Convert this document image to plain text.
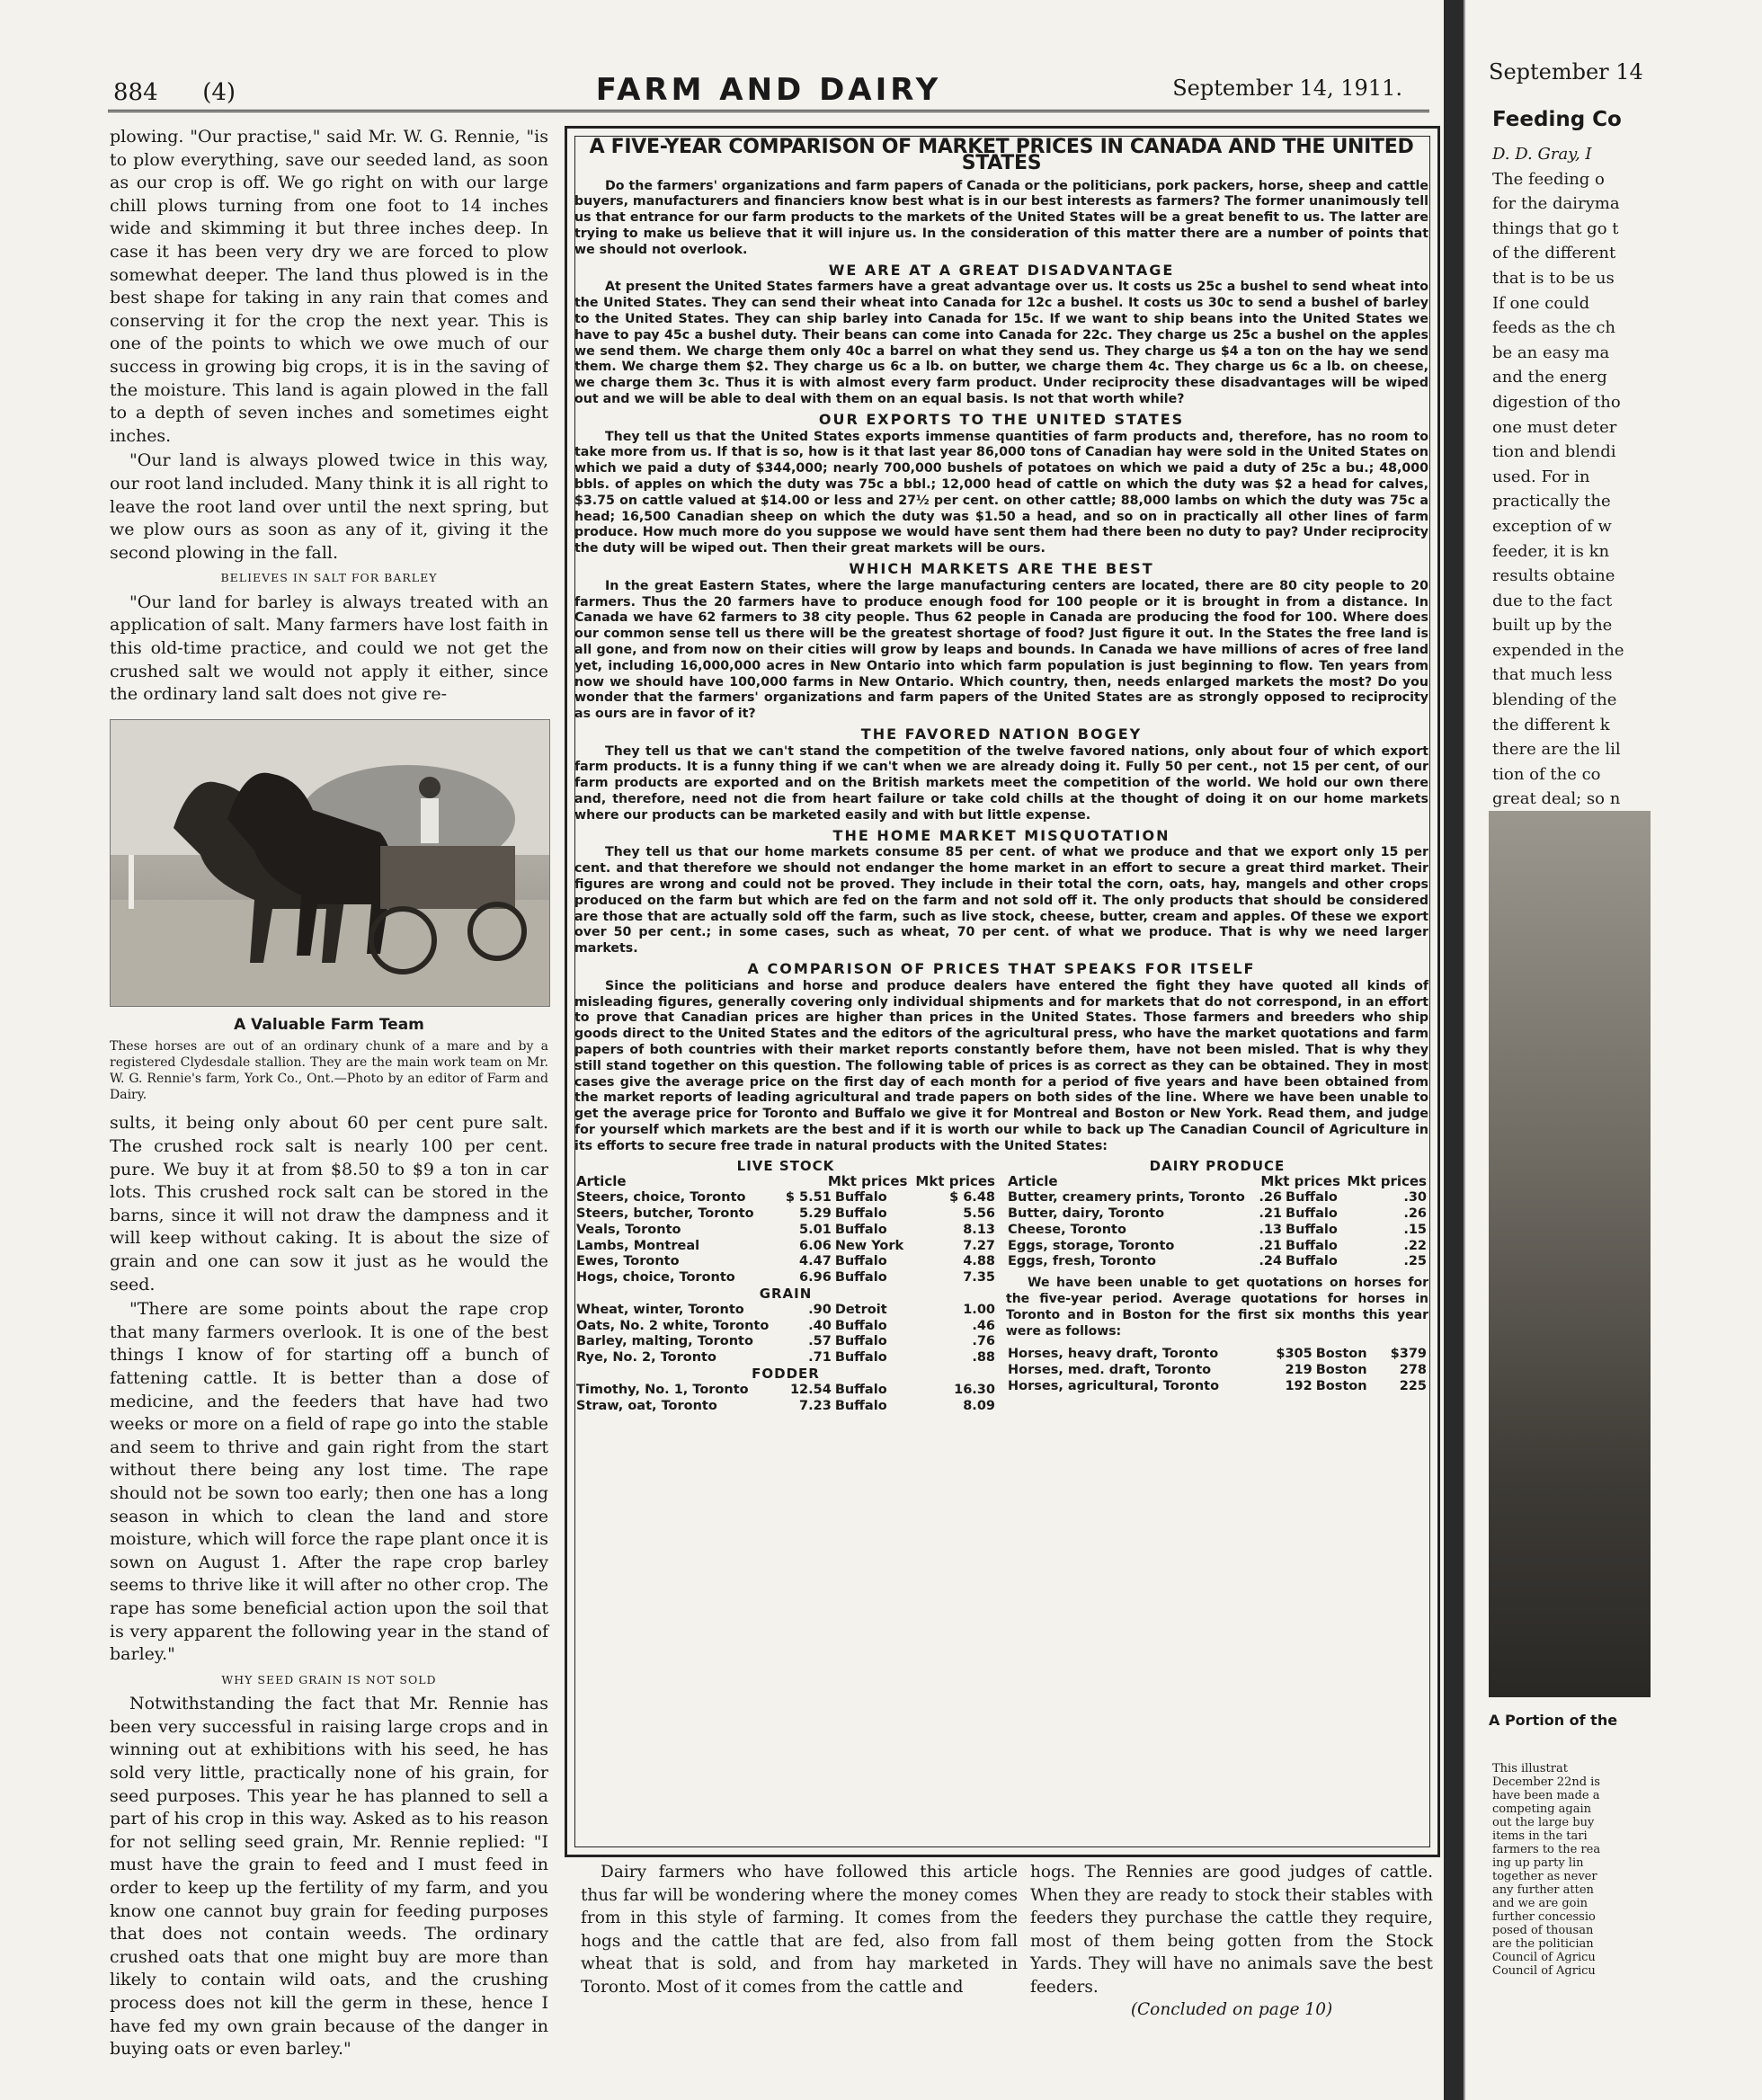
884 (4)	FARM AND DAIRY	September 14, 1911.

plowing. "Our practise," said Mr. W. G. Rennie, "is to plow everything, save our seeded land, as soon as our crop is off. We go right on with our large chill plows turning from one foot to 14 inches wide and skimming it but three inches deep. In case it has been very dry we are forced to plow somewhat deeper. The land thus plowed is in the best shape for taking in any rain that comes and conserving it for the crop the next year. This is one of the points to which we owe much of our success in growing big crops, it is in the saving of the moisture. This land is again plowed in the fall to a depth of seven inches and sometimes eight inches.

"Our land is always plowed twice in this way, our root land included. Many think it is all right to leave the root land over until the next spring, but we plow ours as soon as any of it, giving it the second plowing in the fall.

BELIEVES IN SALT FOR BARLEY

"Our land for barley is always treated with an application of salt. Many farmers have lost faith in this old-time practice, and could we not get the crushed salt we would not apply it either, since the ordinary land salt does not give re-

A Valuable Farm Team
These horses are out of an ordinary chunk of a mare and by a registered Clydesdale stallion. They are the main work team on Mr. W. G. Rennie's farm, York Co., Ont.—Photo by an editor of Farm and Dairy.

sults, it being only about 60 per cent pure salt. The crushed rock salt is nearly 100 per cent. pure. We buy it at from $8.50 to $9 a ton in car lots. This crushed rock salt can be stored in the barns, since it will not draw the dampness and it will keep without caking. It is about the size of grain and one can sow it just as he would the seed.

"There are some points about the rape crop that many farmers overlook. It is one of the best things I know of for starting off a bunch of fattening cattle. It is better than a dose of medicine, and the feeders that have had two weeks or more on a field of rape go into the stable and seem to thrive and gain right from the start without there being any lost time. The rape should not be sown too early; then one has a long season in which to clean the land and store moisture, which will force the rape plant once it is sown on August 1. After the rape crop barley seems to thrive like it will after no other crop. The rape has some beneficial action upon the soil that is very apparent the following year in the stand of barley."

WHY SEED GRAIN IS NOT SOLD

Notwithstanding the fact that Mr. Rennie has been very successful in raising large crops and in winning out at exhibitions with his seed, he has sold very little, practically none of his grain, for seed purposes. This year he has planned to sell a part of his crop in this way. Asked as to his reason for not selling seed grain, Mr. Rennie replied: "I must have the grain to feed and I must feed in order to keep up the fertility of my farm, and you know one cannot buy grain for feeding purposes that does not contain weeds. The ordinary crushed oats that one might buy are more than likely to contain wild oats, and the crushing process does not kill the germ in these, hence I have fed my own grain because of the danger in buying oats or even barley."

A FIVE-YEAR COMPARISON OF MARKET PRICES IN CANADA AND THE UNITED STATES

Do the farmers' organizations and farm papers of Canada or the politicians, pork packers, horse, sheep and cattle buyers, manufacturers and financiers know best what is in our best interests as farmers? The former unanimously tell us that entrance for our farm products to the markets of the United States will be a great benefit to us. The latter are trying to make us believe that it will injure us. In the consideration of this matter there are a number of points that we should not overlook.

WE ARE AT A GREAT DISADVANTAGE

At present the United States farmers have a great advantage over us. It costs us 25c a bushel to send wheat into the United States. They can send their wheat into Canada for 12c a bushel. It costs us 30c to send a bushel of barley to the United States. They can ship barley into Canada for 15c. If we want to ship beans into the United States we have to pay 45c a bushel duty. Their beans can come into Canada for 22c. They charge us 25c a bushel on the apples we send them. We charge them only 40c a barrel on what they send us. They charge us $4 a ton on the hay we send them. We charge them $2. They charge us 6c a lb. on butter, we charge them 4c. They charge us 6c a lb. on cheese, we charge them 3c. Thus it is with almost every farm product. Under reciprocity these disadvantages will be wiped out and we will be able to deal with them on an equal basis. Is not that worth while?

OUR EXPORTS TO THE UNITED STATES

They tell us that the United States exports immense quantities of farm products and, therefore, has no room to take more from us. If that is so, how is it that last year 86,000 tons of Canadian hay were sold in the United States on which we paid a duty of $344,000; nearly 700,000 bushels of potatoes on which we paid a duty of 25c a bu.; 48,000 bbls. of apples on which the duty was 75c a bbl.; 12,000 head of cattle on which the duty was $2 a head for calves, $3.75 on cattle valued at $14.00 or less and 27½ per cent. on other cattle; 88,000 lambs on which the duty was 75c a head; 16,500 Canadian sheep on which the duty was $1.50 a head, and so on in practically all other lines of farm produce. How much more do you suppose we would have sent them had there been no duty to pay? Under reciprocity the duty will be wiped out. Then their great markets will be ours.

WHICH MARKETS ARE THE BEST

In the great Eastern States, where the large manufacturing centers are located, there are 80 city people to 20 farmers. Thus the 20 farmers have to produce enough food for 100 people or it is brought in from a distance. In Canada we have 62 farmers to 38 city people. Thus 62 people in Canada are producing the food for 100. Where does our common sense tell us there will be the greatest shortage of food? Just figure it out. In the States the free land is all gone, and from now on their cities will grow by leaps and bounds. In Canada we have millions of acres of free land yet, including 16,000,000 acres in New Ontario into which farm population is just beginning to flow. Ten years from now we should have 100,000 farms in New Ontario. Which country, then, needs enlarged markets the most? Do you wonder that the farmers' organizations and farm papers of the United States are as strongly opposed to reciprocity as ours are in favor of it?

THE FAVORED NATION BOGEY

They tell us that we can't stand the competition of the twelve favored nations, only about four of which export farm products. It is a funny thing if we can't when we are already doing it. Fully 50 per cent., not 15 per cent, of our farm products are exported and on the British markets meet the competition of the world. We hold our own there and, therefore, need not die from heart failure or take cold chills at the thought of doing it on our home markets where our products can be marketed easily and with but little expense.

THE HOME MARKET MISQUOTATION

They tell us that our home markets consume 85 per cent. of what we produce and that we export only 15 per cent. and that therefore we should not endanger the home market in an effort to secure a great third market. Their figures are wrong and could not be proved. They include in their total the corn, oats, hay, mangels and other crops produced on the farm but which are fed on the farm and not sold off it. The only products that should be considered are those that are actually sold off the farm, such as live stock, cheese, butter, cream and apples. Of these we export over 50 per cent.; in some cases, such as wheat, 70 per cent. of what we produce. That is why we need larger markets.

A COMPARISON OF PRICES THAT SPEAKS FOR ITSELF

Since the politicians and horse and produce dealers have entered the fight they have quoted all kinds of misleading figures, generally covering only individual shipments and for markets that do not correspond, in an effort to prove that Canadian prices are higher than prices in the United States. Those farmers and breeders who ship goods direct to the United States and the editors of the agricultural press, who have the market quotations and farm papers of both countries with their market reports constantly before them, have not been misled. That is why they still stand together on this question. The following table of prices is as correct as they can be obtained. They in most cases give the average price on the first day of each month for a period of five years and have been obtained from the market reports of leading agricultural and trade papers on both sides of the line. Where we have been unable to get the average price for Toronto and Buffalo we give it for Montreal and Boston or New York. Read them, and judge for yourself which markets are the best and if it is worth our while to back up The Canadian Council of Agriculture in its efforts to secure free trade in natural products with the United States:

LIVE STOCK			
Article	Mkt prices		Mkt prices
Steers, choice, Toronto	$ 5.51	Buffalo	$ 6.48
Steers, butcher, Toronto	5.29	Buffalo	5.56
Veals, Toronto	5.01	Buffalo	8.13
Lambs, Montreal	6.06	New York	7.27
Ewes, Toronto	4.47	Buffalo	4.88
Hogs, choice, Toronto	6.96	Buffalo	7.35
GRAIN			
Wheat, winter, Toronto	.90	Detroit	1.00
Oats, No. 2 white, Toronto	.40	Buffalo	.46
Barley, malting, Toronto	.57	Buffalo	.76
Rye, No. 2, Toronto	.71	Buffalo	.88
FODDER			
Timothy, No. 1, Toronto	12.54	Buffalo	16.30
Straw, oat, Toronto	7.23	Buffalo	8.09
DAIRY PRODUCE			
Article	Mkt prices		Mkt prices
Butter, creamery prints, Toronto	.26	Buffalo	.30
Butter, dairy, Toronto	.21	Buffalo	.26
Cheese, Toronto	.13	Buffalo	.15
Eggs, storage, Toronto	.21	Buffalo	.22
Eggs, fresh, Toronto	.24	Buffalo	.25
We have been unable to get quotations on horses for the five-year period. Average quotations for horses in Toronto and in Boston for the first six months this year were as follows:
Horses, heavy draft, Toronto	$305	Boston	$379
Horses, med. draft, Toronto	219	Boston	278
Horses, agricultural, Toronto	192	Boston	225
Dairy farmers who have followed this article thus far will be wondering where the money comes from in this style of farming. It comes from the hogs and the cattle that are fed, also from fall wheat that is sold, and from hay marketed in Toronto. Most of it comes from the cattle and
hogs. The Rennies are good judges of cattle. When they are ready to stock their stables with feeders they purchase the cattle they require, most of them being gotten from the Stock Yards. They will have no animals save the best feeders.
(Concluded on page 10)
September 14
Feeding Co
D. D. Gray, I
The feeding o
for the dairyma
things that go t
of the different
that is to be us
If one could
feeds as the ch
be an easy ma
and the energ
digestion of tho
one must deter
tion and blendi
used. For in
practically the
exception of w
feeder, it is kn
results obtaine
due to the fact
built up by the
expended in the
that much less
blending of the
the different k
there are the lil
tion of the co
great deal; so n
A Portion of the
This illustrat
December 22nd is
have been made a
competing again
out the large buy
items in the tari
farmers to the rea
ing up party lin
together as never
any further atten
and we are goin
further concessio
posed of thousan
are the politician
Council of Agricu
Council of Agricu
